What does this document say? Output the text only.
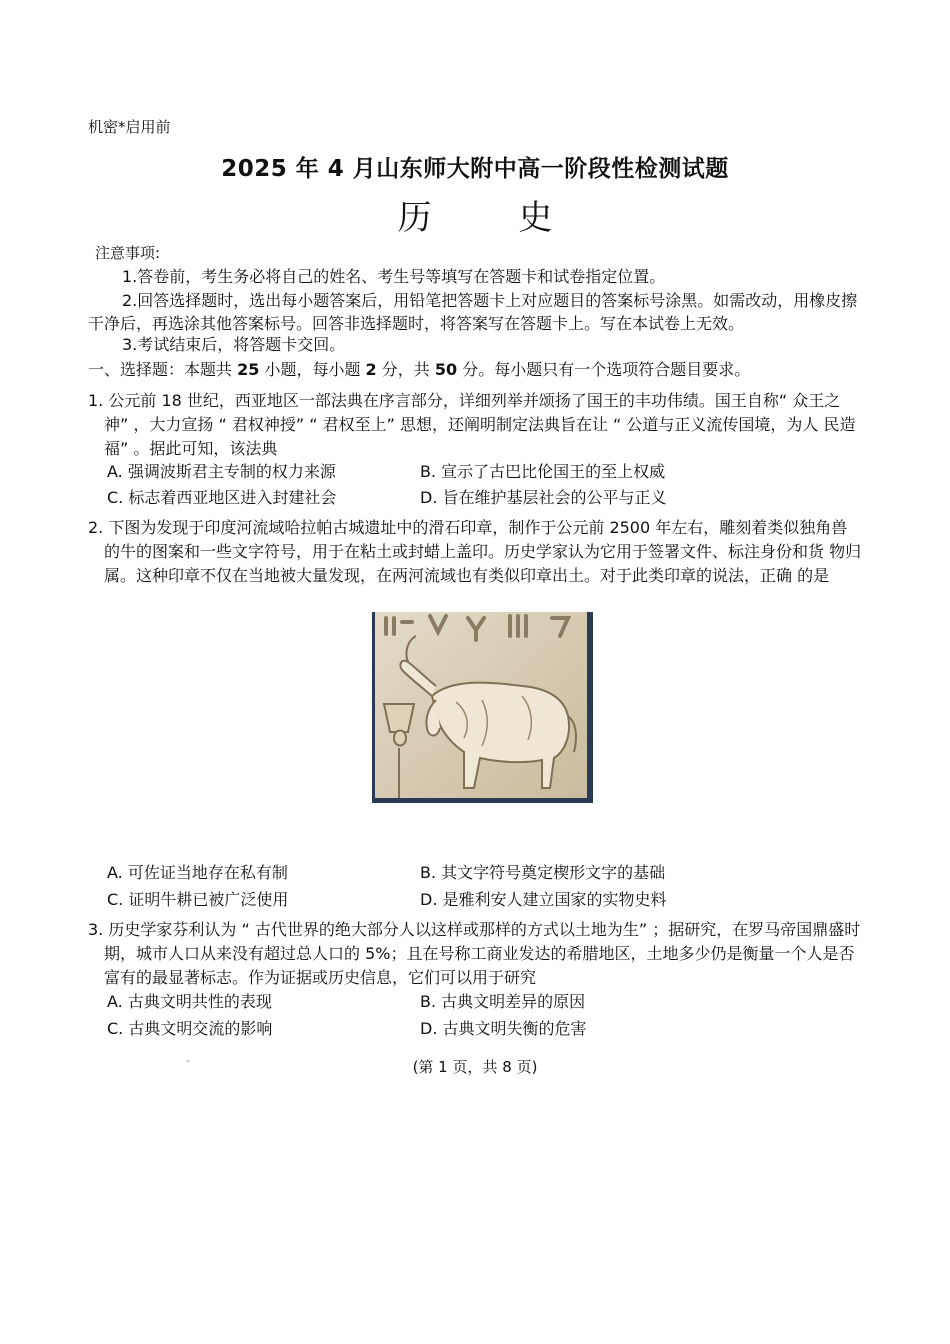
机密*启用前
2025 年 4 月山东师大附中高一阶段性检测试题
历 史
注意事项:
1.答卷前，考生务必将自己的姓名、考生号等填写在答题卡和试卷指定位置。
2.回答选择题时，选出每小题答案后，用铅笔把答题卡上对应题目的答案标号涂黑。如需改动，用橡皮擦干净后，再选涂其他答案标号。回答非选择题时，将答案写在答题卡上。写在本试卷上无效。
3.考试结束后，将答题卡交回。
一、选择题：本题共 25 小题，每小题 2 分，共 50 分。每小题只有一个选项符合题目要求。
1. 公元前 18 世纪，西亚地区一部法典在序言部分，详细列举并颂扬了国王的丰功伟绩。国王自称“ 众王之 神” ，大力宣扬 “ 君权神授” “ 君权至上” 思想，还阐明制定法典旨在让 “ 公道与正义流传国境，为人 民造福” 。据此可知，该法典
A. 强调波斯君主专制的权力来源	B. 宣示了古巴比伦国王的至上权威
C. 标志着西亚地区进入封建社会	D. 旨在维护基层社会的公平与正义
2. 下图为发现于印度河流域哈拉帕古城遗址中的滑石印章，制作于公元前 2500 年左右，雕刻着类似独角兽 的牛的图案和一些文字符号，用于在粘土或封蜡上盖印。历史学家认为它用于签署文件、标注身份和货 物归属。这种印章不仅在当地被大量发现，在两河流域也有类似印章出土。对于此类印章的说法，正确 的是
A. 可佐证当地存在私有制	B. 其文字符号奠定楔形文字的基础
C. 证明牛耕已被广泛使用	D. 是雅利安人建立国家的实物史料
3. 历史学家芬利认为 “ 古代世界的绝大部分人以这样或那样的方式以土地为生” ；据研究，在罗马帝国鼎盛时期，城市人口从来没有超过总人口的 5%；且在号称工商业发达的希腊地区，土地多少仍是衡量一个人是否富有的最显著标志。作为证据或历史信息，它们可以用于研究
A. 古典文明共性的表现	B. 古典文明差异的原因
C. 古典文明交流的影响	D. 古典文明失衡的危害
-	(第 1 页，共 8 页)
